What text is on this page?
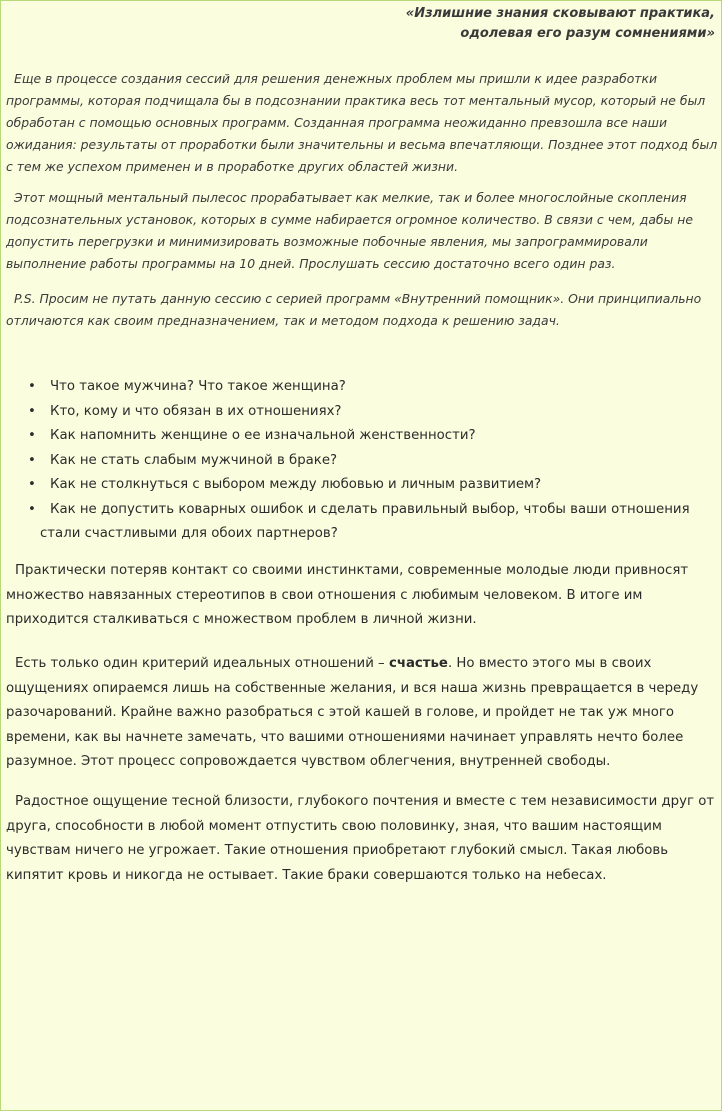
«Излишние знания сковывают практика,
одолевая его разум сомнениями»

Еще в процессе создания сессий для решения денежных проблем мы пришли к идее разработки программы, которая подчищала бы в подсознании практика весь тот ментальный мусор, который не был обработан с помощью основных программ. Созданная программа неожиданно превзошла все наши ожидания: результаты от проработки были значительны и весьма впечатляющи. Позднее этот подход был с тем же успехом применен и в проработке других областей жизни.

Этот мощный ментальный пылесос прорабатывает как мелкие, так и более многослойные скопления подсознательных установок, которых в сумме набирается огромное количество. В связи с чем, дабы не допустить перегрузки и минимизировать возможные побочные явления, мы запрограммировали выполнение работы программы на 10 дней. Прослушать сессию достаточно всего один раз.

P.S. Просим не путать данную сессию с серией программ «Внутренний помощник». Они принципиально отличаются как своим предназначением, так и методом подхода к решению задач.

• Что такое мужчина? Что такое женщина?
• Кто, кому и что обязан в их отношениях?
• Как напомнить женщине о ее изначальной женственности?
• Как не стать слабым мужчиной в браке?
• Как не столкнуться с выбором между любовью и личным развитием?
• Как не допустить коварных ошибок и сделать правильный выбор, чтобы ваши отношения
стали счастливыми для обоих партнеров?

Практически потеряв контакт со своими инстинктами, современные молодые люди привносят множество навязанных стереотипов в свои отношения с любимым человеком. В итоге им приходится сталкиваться с множеством проблем в личной жизни.

Есть только один критерий идеальных отношений – счастье. Но вместо этого мы в своих ощущениях опираемся лишь на собственные желания, и вся наша жизнь превращается в череду разочарований. Крайне важно разобраться с этой кашей в голове, и пройдет не так уж много времени, как вы начнете замечать, что вашими отношениями начинает управлять нечто более разумное. Этот процесс сопровождается чувством облегчения, внутренней свободы.

Радостное ощущение тесной близости, глубокого почтения и вместе с тем независимости друг от друга, способности в любой момент отпустить свою половинку, зная, что вашим настоящим чувствам ничего не угрожает. Такие отношения приобретают глубокий смысл. Такая любовь кипятит кровь и никогда не остывает. Такие браки совершаются только на небесах.
